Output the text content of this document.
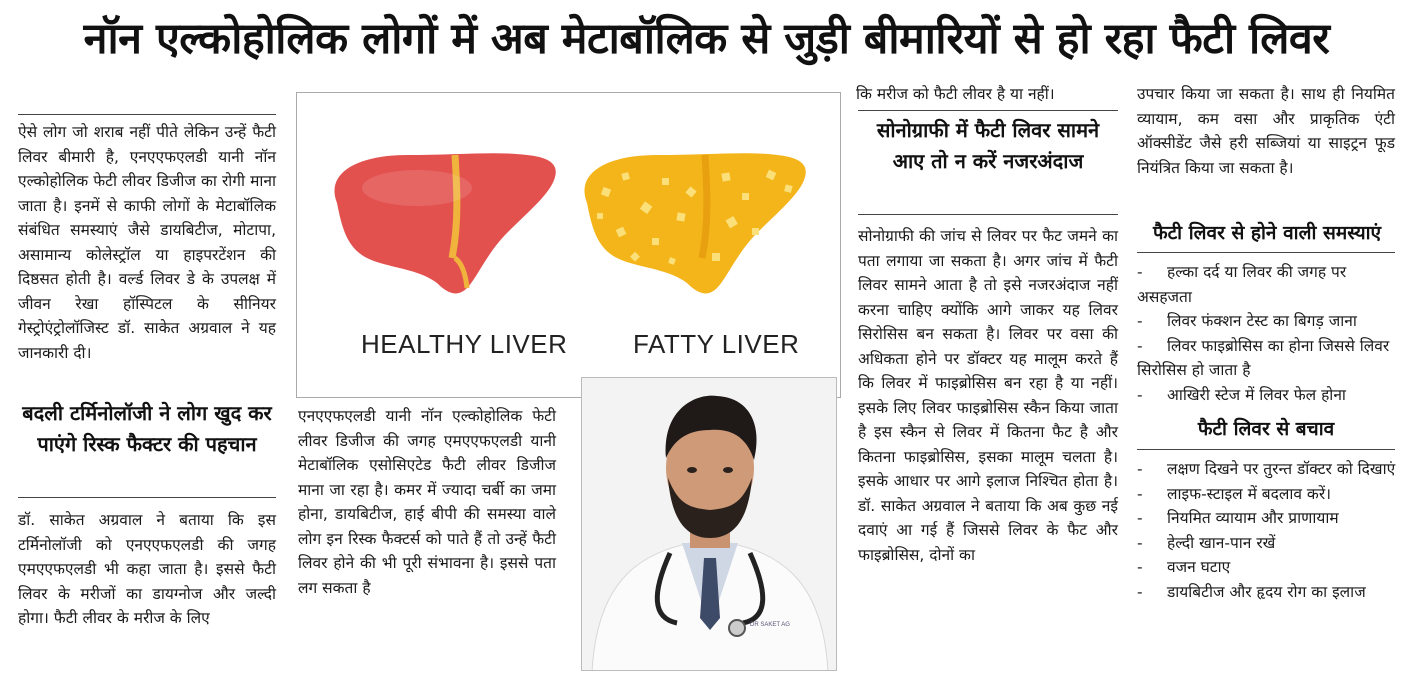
नॉन एल्कोहोलिक लोगों में अब मेटाबॉलिक से जुड़ी बीमारियों से हो रहा फैटी लिवर
ऐसे लोग जो शराब नहीं पीते लेकिन उन्हें फैटी लिवर बीमारी है, एनएएफएलडी यानी नॉन एल्कोहोलिक फेटी लीवर डिजीज का रोगी माना जाता है। इनमें से काफी लोगों के मेटाबॉलिक संबंधित समस्याएं जैसे डायबिटीज, मोटापा, असामान्य कोलेस्ट्रॉल या हाइपरटेंशन की दिष्ठसत होती है। वर्ल्ड लिवर डे के उपलक्ष में जीवन रेखा हॉस्पिटल के सीनियर गेस्ट्रोएंट्रोलॉजिस्ट डॉ. साकेत अग्रवाल ने यह जानकारी दी।
बदली टर्मिनोलॉजी ने लोग खुद कर पाएंगे रिस्क फैक्टर की पहचान
डॉ. साकेत अग्रवाल ने बताया कि इस टर्मिनोलॉजी को एनएएफएलडी की जगह एमएएफएलडी भी कहा जाता है। इससे फैटी लिवर के मरीजों का डायग्नोज और जल्दी होगा। फैटी लीवर के मरीज के लिए
HEALTHY LIVER	FATTY LIVER
एनएएफएलडी यानी नॉन एल्कोहोलिक फेटी लीवर डिजीज की जगह एमएएफएलडी यानी मेटाबॉलिक एसोसिएटेड फैटी लीवर डिजीज माना जा रहा है। कमर में ज्यादा चर्बी का जमा होना, डायबिटीज, हाई बीपी की समस्या वाले लोग इन रिस्क फैक्टर्स को पाते हैं तो उन्हें फैटी लिवर होने की भी पूरी संभावना है। इससे पता लग सकता है
DR SAKET AG
कि मरीज को फैटी लीवर है या नहीं।
सोनोग्राफी में फैटी लिवर सामने आए तो न करें नजरअंदाज
सोनोग्राफी की जांच से लिवर पर फैट जमने का पता लगाया जा सकता है। अगर जांच में फैटी लिवर सामने आता है तो इसे नजरअंदाज नहीं करना चाहिए क्योंकि आगे जाकर यह लिवर सिरोसिस बन सकता है। लिवर पर वसा की अधिकता होने पर डॉक्टर यह मालूम करते हैं कि लिवर में फाइब्रोसिस बन रहा है या नहीं। इसके लिए लिवर फाइब्रोसिस स्कैन किया जाता है इस स्कैन से लिवर में कितना फैट है और कितना फाइब्रोसिस, इसका मालूम चलता है। इसके आधार पर आगे इलाज निश्चित होता है। डॉ. साकेत अग्रवाल ने बताया कि अब कुछ नई दवाएं आ गई हैं जिससे लिवर के फैट और फाइब्रोसिस, दोनों का
उपचार किया जा सकता है। साथ ही नियमित व्यायाम, कम वसा और प्राकृतिक एंटी ऑक्सीडेंट जैसे हरी सब्जियां या साइट्रन फूड नियंत्रित किया जा सकता है।
फैटी लिवर से होने वाली समस्याएं
- हल्का दर्द या लिवर की जगह पर असहजता
- लिवर फंक्शन टेस्ट का बिगड़ जाना
- लिवर फाइब्रोसिस का होना जिससे लिवर सिरोसिस हो जाता है
- आखिरी स्टेज में लिवर फेल होना
फैटी लिवर से बचाव
- लक्षण दिखने पर तुरन्त डॉक्टर को दिखाएं
- लाइफ-स्टाइल में बदलाव करें।
- नियमित व्यायाम और प्राणायाम
- हेल्दी खान-पान रखें
- वजन घटाए
- डायबिटीज और हृदय रोग का इलाज
